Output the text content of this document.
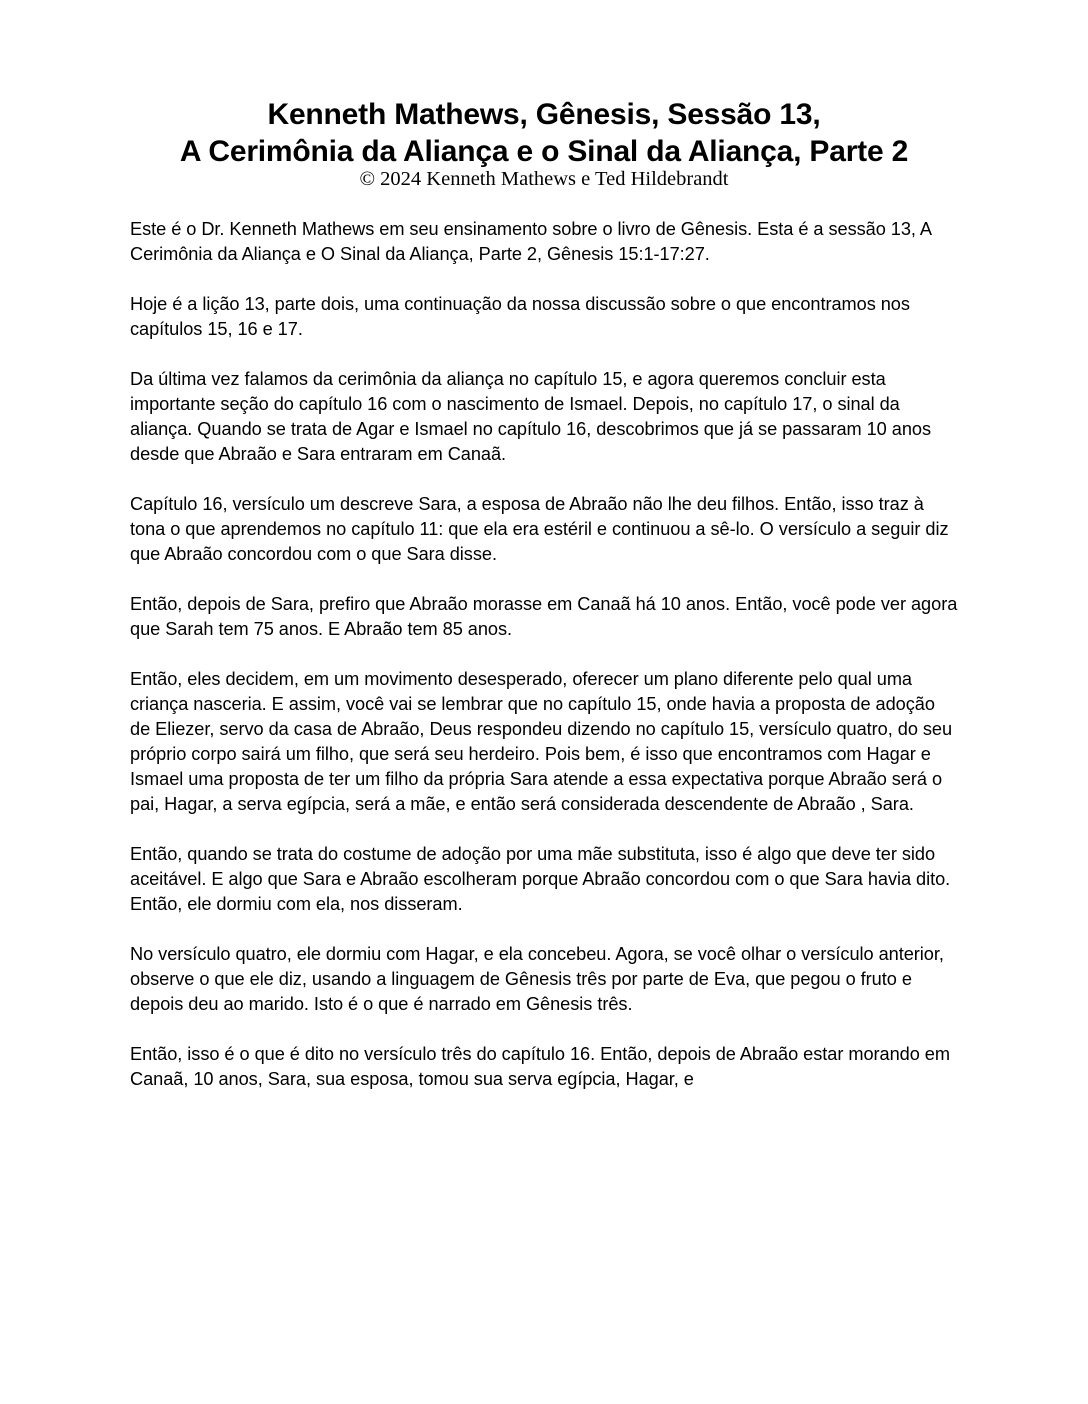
Kenneth Mathews, Gênesis, Sessão 13,
A Cerimônia da Aliança e o Sinal da Aliança, Parte 2
© 2024 Kenneth Mathews e Ted Hildebrandt

Este é o Dr. Kenneth Mathews em seu ensinamento sobre o livro de Gênesis. Esta é a sessão 13, A Cerimônia da Aliança e O Sinal da Aliança, Parte 2, Gênesis 15:1-17:27.

Hoje é a lição 13, parte dois, uma continuação da nossa discussão sobre o que encontramos nos capítulos 15, 16 e 17.

Da última vez falamos da cerimônia da aliança no capítulo 15, e agora queremos concluir esta importante seção do capítulo 16 com o nascimento de Ismael. Depois, no capítulo 17, o sinal da aliança. Quando se trata de Agar e Ismael no capítulo 16, descobrimos que já se passaram 10 anos desde que Abraão e Sara entraram em Canaã.

Capítulo 16, versículo um descreve Sara, a esposa de Abraão não lhe deu filhos. Então, isso traz à tona o que aprendemos no capítulo 11: que ela era estéril e continuou a sê-lo. O versículo a seguir diz que Abraão concordou com o que Sara disse.

Então, depois de Sara, prefiro que Abraão morasse em Canaã há 10 anos. Então, você pode ver agora que Sarah tem 75 anos. E Abraão tem 85 anos.

Então, eles decidem, em um movimento desesperado, oferecer um plano diferente pelo qual uma criança nasceria. E assim, você vai se lembrar que no capítulo 15, onde havia a proposta de adoção de Eliezer, servo da casa de Abraão, Deus respondeu dizendo no capítulo 15, versículo quatro, do seu próprio corpo sairá um filho, que será seu herdeiro. Pois bem, é isso que encontramos com Hagar e Ismael uma proposta de ter um filho da própria Sara atende a essa expectativa porque Abraão será o pai, Hagar, a serva egípcia, será a mãe, e então será considerada descendente de Abraão , Sara.

Então, quando se trata do costume de adoção por uma mãe substituta, isso é algo que deve ter sido aceitável. E algo que Sara e Abraão escolheram porque Abraão concordou com o que Sara havia dito. Então, ele dormiu com ela, nos disseram.

No versículo quatro, ele dormiu com Hagar, e ela concebeu. Agora, se você olhar o versículo anterior, observe o que ele diz, usando a linguagem de Gênesis três por parte de Eva, que pegou o fruto e depois deu ao marido. Isto é o que é narrado em Gênesis três.

Então, isso é o que é dito no versículo três do capítulo 16. Então, depois de Abraão estar morando em Canaã, 10 anos, Sara, sua esposa, tomou sua serva egípcia, Hagar, e
